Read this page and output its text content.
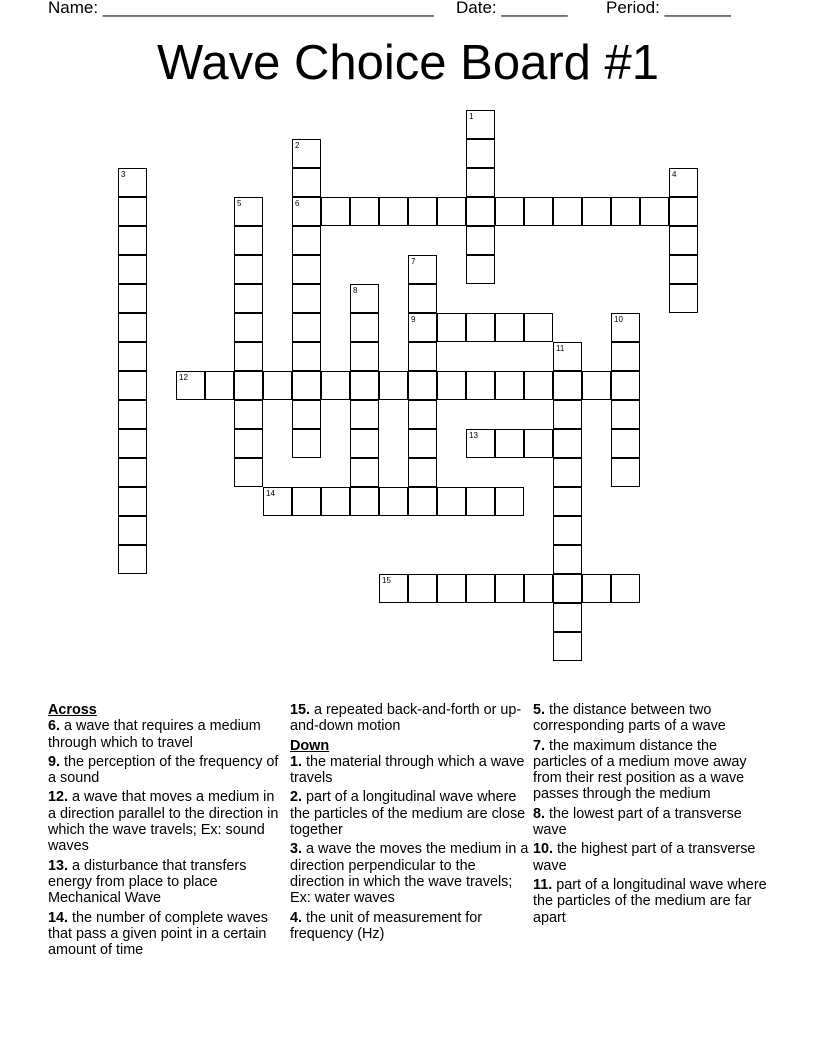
Name: ___________________________________ Date: _______ Period: _______
Wave Choice Board #1
1
2
6
3	4
5
7
9
8
10
11
12
13
14
15
Across
6. a wave that requires a medium through which to travel
9. the perception of the frequency of a sound
12. a wave that moves a medium in a direction parallel to the direction in which the wave travels; Ex: sound waves
13. a disturbance that transfers energy from place to place Mechanical Wave
14. the number of complete waves that pass a given point in a certain amount of time
15. a repeated back-and-forth or up-and-down motion
Down
1. the material through which a wave travels
2. part of a longitudinal wave where the particles of the medium are close together
3. a wave the moves the medium in a direction perpendicular to the direction in which the wave travels; Ex: water waves
4. the unit of measurement for frequency (Hz)
5. the distance between two corresponding parts of a wave
7. the maximum distance the particles of a medium move away from their rest position as a wave passes through the medium
8. the lowest part of a transverse wave
10. the highest part of a transverse wave
11. part of a longitudinal wave where the particles of the medium are far apart
